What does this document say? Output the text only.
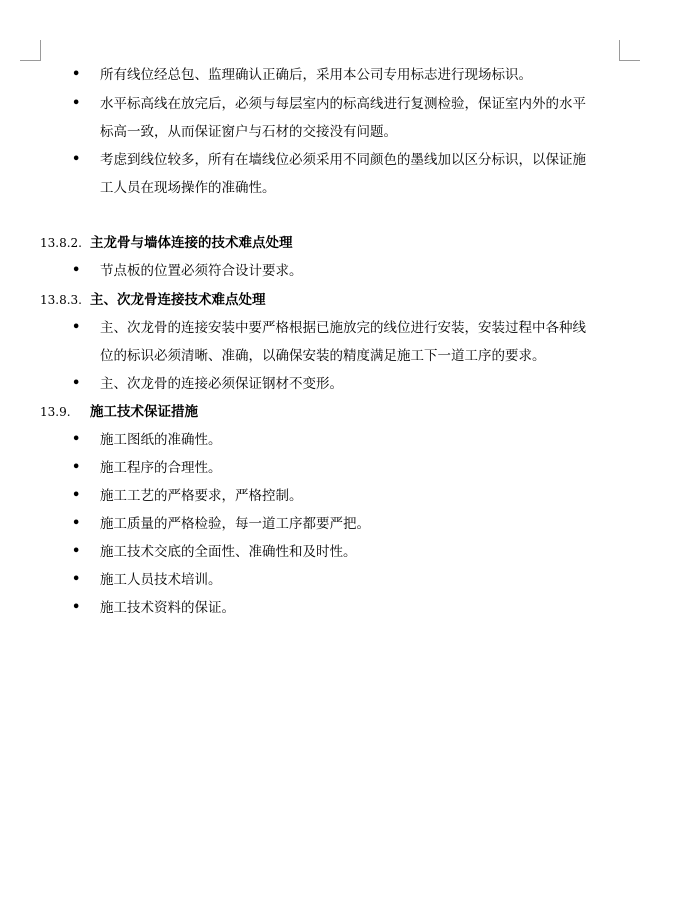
• 所有线位经总包、监理确认正确后，采用本公司专用标志进行现场标识。
• 水平标高线在放完后，必须与每层室内的标高线进行复测检验，保证室内外的水平
标高一致，从而保证窗户与石材的交接没有问题。
• 考虑到线位较多，所有在墙线位必须采用不同颜色的墨线加以区分标识，以保证施
工人员在现场操作的准确性。
13.8.2. 主龙骨与墙体连接的技术难点处理
• 节点板的位置必须符合设计要求。
13.8.3. 主、次龙骨连接技术难点处理
• 主、次龙骨的连接安装中要严格根据已施放完的线位进行安装，安装过程中各种线
位的标识必须清晰、准确，以确保安装的精度满足施工下一道工序的要求。
• 主、次龙骨的连接必须保证钢材不变形。
13.9. 施工技术保证措施
• 施工图纸的准确性。
• 施工程序的合理性。
• 施工工艺的严格要求，严格控制。
• 施工质量的严格检验，每一道工序都要严把。
• 施工技术交底的全面性、准确性和及时性。
• 施工人员技术培训。
• 施工技术资料的保证。
